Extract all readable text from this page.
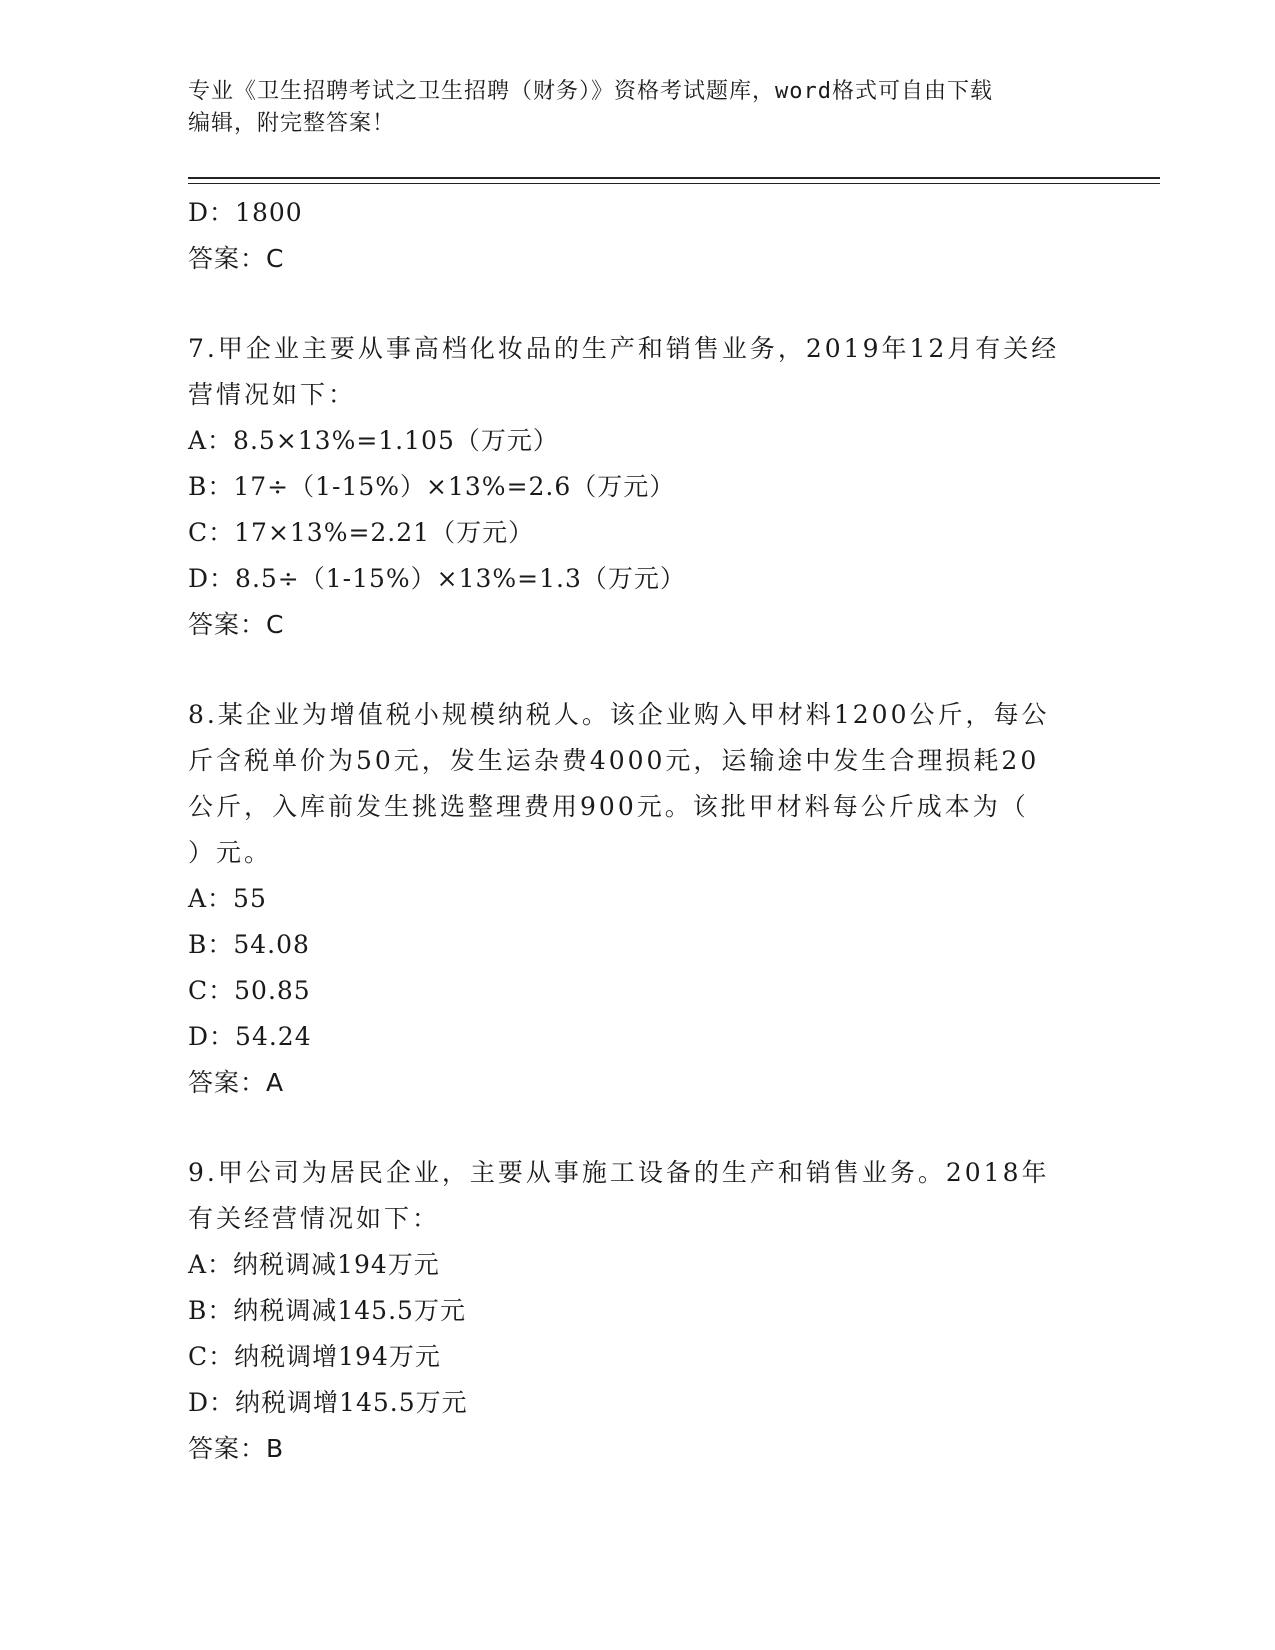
专业《卫生招聘考试之卫生招聘（财务）》资格考试题库，word格式可自由下载
编辑，附完整答案！
D：1800
答案：C
7.甲企业主要从事高档化妆品的生产和销售业务，2019年12月有关经
营情况如下：
A：8.5×13%=1.105（万元）
B：17÷（1-15%）×13%=2.6（万元）
C：17×13%=2.21（万元）
D：8.5÷（1-15%）×13%=1.3（万元）
答案：C
8.某企业为增值税小规模纳税人。该企业购入甲材料1200公斤，每公
斤含税单价为50元，发生运杂费4000元，运输途中发生合理损耗20
公斤，入库前发生挑选整理费用900元。该批甲材料每公斤成本为（
）元。
A：55
B：54.08
C：50.85
D：54.24
答案：A
9.甲公司为居民企业，主要从事施工设备的生产和销售业务。2018年
有关经营情况如下：
A：纳税调减194万元
B：纳税调减145.5万元
C：纳税调增194万元
D：纳税调增145.5万元
答案：B
